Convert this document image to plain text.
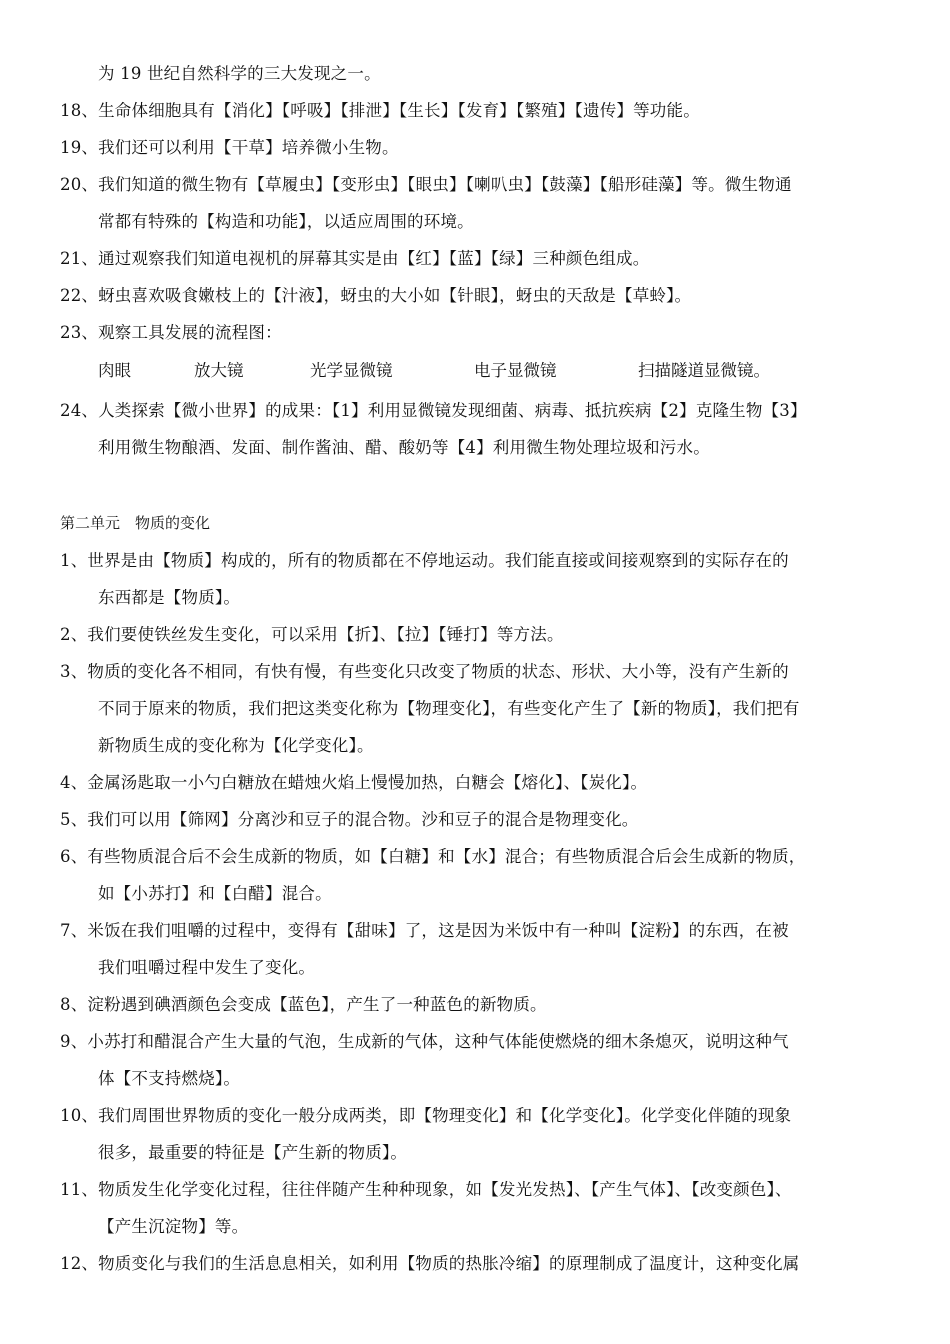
为 19 世纪自然科学的三大发现之一。
18、生命体细胞具有【消化】【呼吸】【排泄】【生长】【发育】【繁殖】【遗传】等功能。
19、我们还可以利用【干草】培养微小生物。
20、我们知道的微生物有【草履虫】【变形虫】【眼虫】【喇叭虫】【鼓藻】【船形硅藻】等。微生物通
常都有特殊的【构造和功能】，以适应周围的环境。
21、通过观察我们知道电视机的屏幕其实是由【红】【蓝】【绿】三种颜色组成。
22、蚜虫喜欢吸食嫩枝上的【汁液】，蚜虫的大小如【针眼】，蚜虫的天敌是【草蛉】。
23、观察工具发展的流程图：
肉眼	放大镜	光学显微镜	电子显微镜	扫描隧道显微镜。
24、人类探索【微小世界】的成果：【1】利用显微镜发现细菌、病毒、抵抗疾病【2】克隆生物【3】
利用微生物酿酒、发面、制作酱油、醋、酸奶等【4】利用微生物处理垃圾和污水。
第二单元　物质的变化
1、世界是由【物质】构成的，所有的物质都在不停地运动。我们能直接或间接观察到的实际存在的
东西都是【物质】。
2、我们要使铁丝发生变化，可以采用【折】、【拉】【锤打】等方法。
3、物质的变化各不相同，有快有慢，有些变化只改变了物质的状态、形状、大小等，没有产生新的
不同于原来的物质，我们把这类变化称为【物理变化】，有些变化产生了【新的物质】，我们把有
新物质生成的变化称为【化学变化】。
4、金属汤匙取一小勺白糖放在蜡烛火焰上慢慢加热，白糖会【熔化】、【炭化】。
5、我们可以用【筛网】分离沙和豆子的混合物。沙和豆子的混合是物理变化。
6、有些物质混合后不会生成新的物质，如【白糖】和【水】混合；有些物质混合后会生成新的物质，
如【小苏打】和【白醋】混合。
7、米饭在我们咀嚼的过程中，变得有【甜味】了，这是因为米饭中有一种叫【淀粉】的东西，在被
我们咀嚼过程中发生了变化。
8、淀粉遇到碘酒颜色会变成【蓝色】，产生了一种蓝色的新物质。
9、小苏打和醋混合产生大量的气泡，生成新的气体，这种气体能使燃烧的细木条熄灭，说明这种气
体【不支持燃烧】。
10、我们周围世界物质的变化一般分成两类，即【物理变化】和【化学变化】。化学变化伴随的现象
很多，最重要的特征是【产生新的物质】。
11、物质发生化学变化过程，往往伴随产生种种现象，如【发光发热】、【产生气体】、【改变颜色】、
【产生沉淀物】等。
12、物质变化与我们的生活息息相关，如利用【物质的热胀冷缩】的原理制成了温度计，这种变化属
